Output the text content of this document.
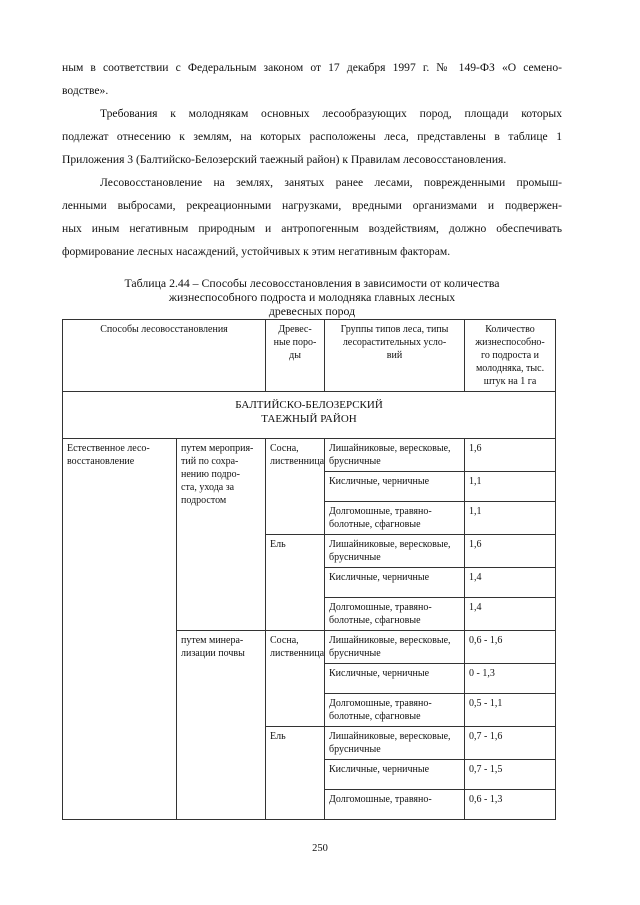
ным в соответствии с Федеральным законом от 17 декабря 1997 г. № 149-ФЗ «О семено-
водстве».
Требования к молоднякам основных лесообразующих пород, площади которых
подлежат отнесению к землям, на которых расположены леса, представлены в таблице 1
Приложения 3 (Балтийско-Белозерский таежный район) к Правилам лесовосстановления.
Лесовосстановление на землях, занятых ранее лесами, поврежденными промыш-
ленными выбросами, рекреационными нагрузками, вредными организмами и подвержен-
ных иным негативным природным и антропогенным воздействиям, должно обеспечивать
формирование лесных насаждений, устойчивых к этим негативным факторам.
Таблица 2.44 – Способы лесовосстановления в зависимости от количества
жизнеспособного подроста и молодняка главных лесных
древесных пород
Способы лесовосстановления		Древес-
ные поро-
ды	Группы типов леса, типы
лесорастительных усло-
вий	Количество
жизнеспособно-
го подроста и
молодняка, тыс.
штук на 1 га
БАЛТИЙСКО-БЕЛОЗЕРСКИЙ
ТАЕЖНЫЙ РАЙОН				
Естественное лесо-
восстановление	путем мероприя-
тий по сохра-
нению подро-
ста, ухода за
подростом	Сосна,
лиственница	Лишайниковые, вересковые, брусничные	1,6
			Кисличные, черничные	1,1
			Долгомошные, травяно-болотные, сфагновые	1,1
		Ель	Лишайниковые, вересковые, брусничные	1,6
			Кисличные, черничные	1,4
			Долгомошные, травяно-болотные, сфагновые	1,4
	путем минера-
лизации почвы	Сосна,
лиственница	Лишайниковые, вересковые, брусничные	0,6 - 1,6
			Кисличные, черничные	0 - 1,3
			Долгомошные, травяно-болотные, сфагновые	0,5 - 1,1
		Ель	Лишайниковые, вересковые, брусничные	0,7 - 1,6
			Кисличные, черничные	0,7 - 1,5
			Долгомошные, травяно-	0,6 - 1,3
250
